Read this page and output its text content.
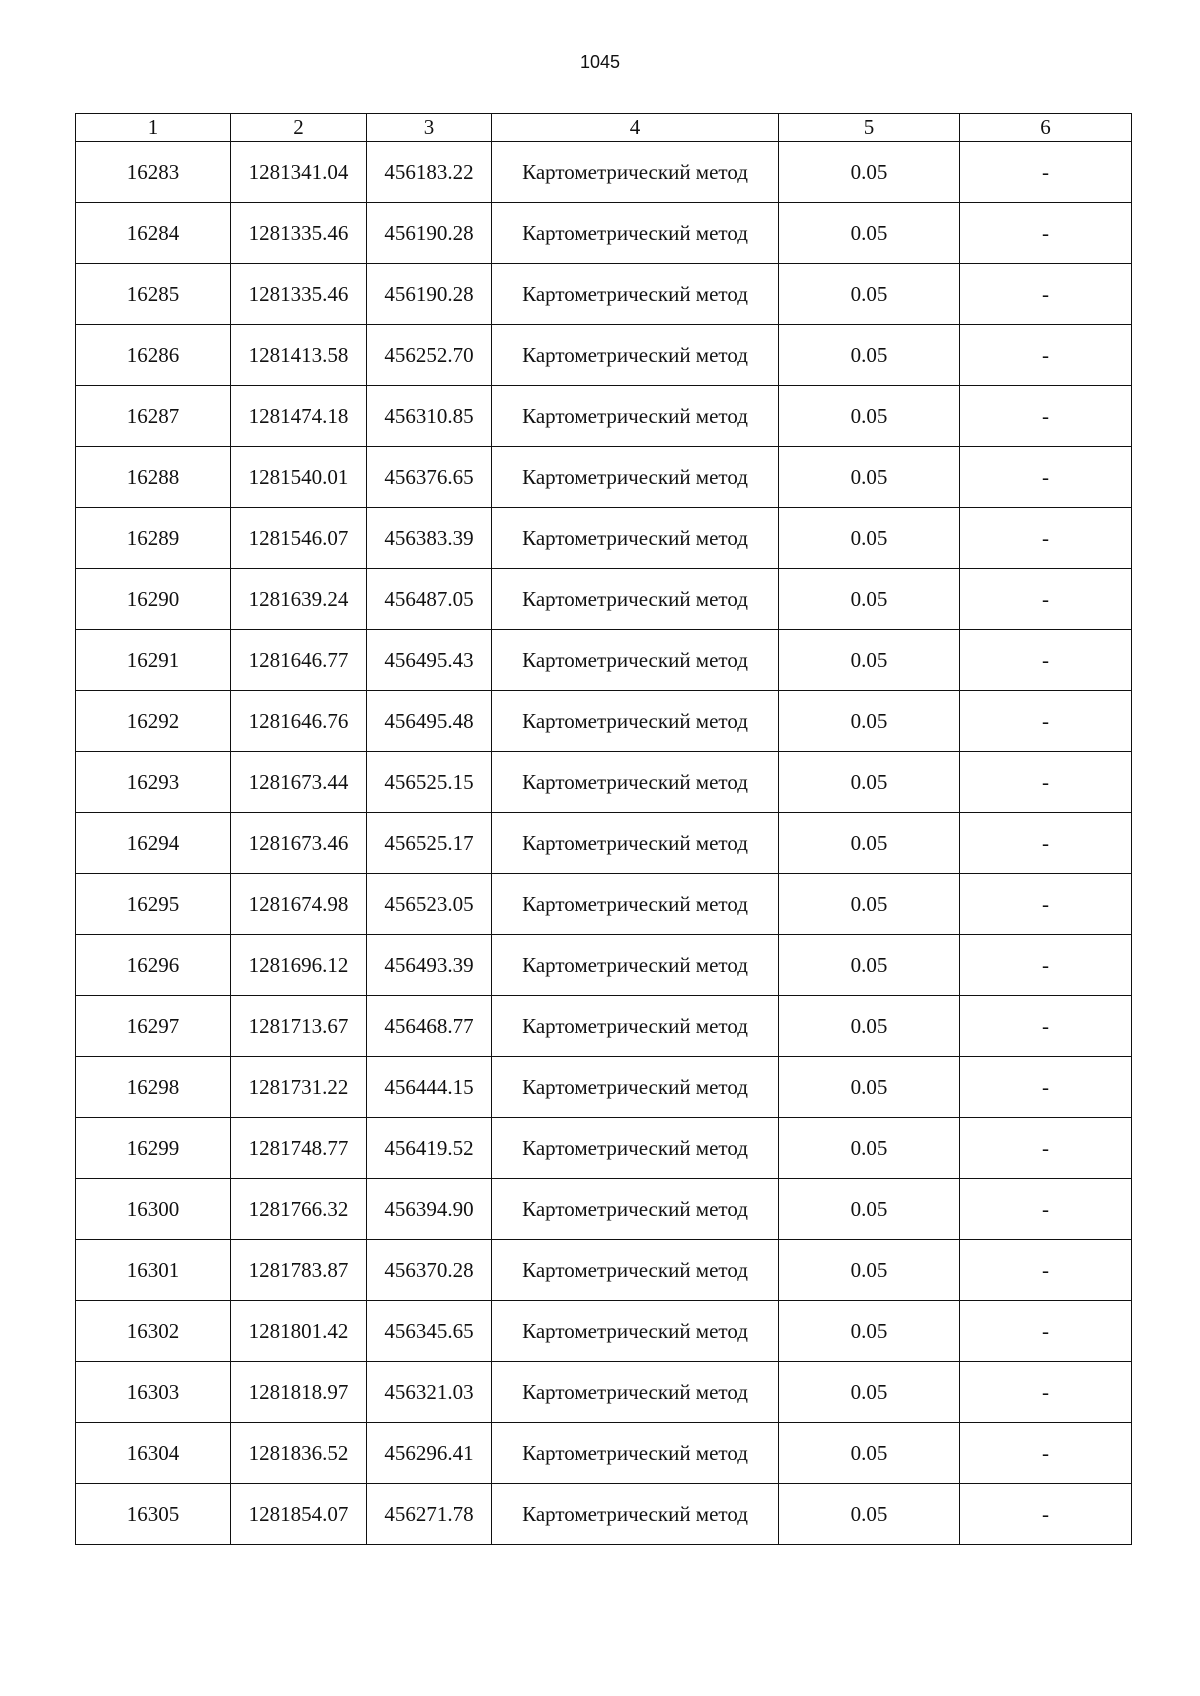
1045
1	2	3	4	5	6
16283	1281341.04	456183.22	Картометрический метод	0.05	-
16284	1281335.46	456190.28	Картометрический метод	0.05	-
16285	1281335.46	456190.28	Картометрический метод	0.05	-
16286	1281413.58	456252.70	Картометрический метод	0.05	-
16287	1281474.18	456310.85	Картометрический метод	0.05	-
16288	1281540.01	456376.65	Картометрический метод	0.05	-
16289	1281546.07	456383.39	Картометрический метод	0.05	-
16290	1281639.24	456487.05	Картометрический метод	0.05	-
16291	1281646.77	456495.43	Картометрический метод	0.05	-
16292	1281646.76	456495.48	Картометрический метод	0.05	-
16293	1281673.44	456525.15	Картометрический метод	0.05	-
16294	1281673.46	456525.17	Картометрический метод	0.05	-
16295	1281674.98	456523.05	Картометрический метод	0.05	-
16296	1281696.12	456493.39	Картометрический метод	0.05	-
16297	1281713.67	456468.77	Картометрический метод	0.05	-
16298	1281731.22	456444.15	Картометрический метод	0.05	-
16299	1281748.77	456419.52	Картометрический метод	0.05	-
16300	1281766.32	456394.90	Картометрический метод	0.05	-
16301	1281783.87	456370.28	Картометрический метод	0.05	-
16302	1281801.42	456345.65	Картометрический метод	0.05	-
16303	1281818.97	456321.03	Картометрический метод	0.05	-
16304	1281836.52	456296.41	Картометрический метод	0.05	-
16305	1281854.07	456271.78	Картометрический метод	0.05	-
